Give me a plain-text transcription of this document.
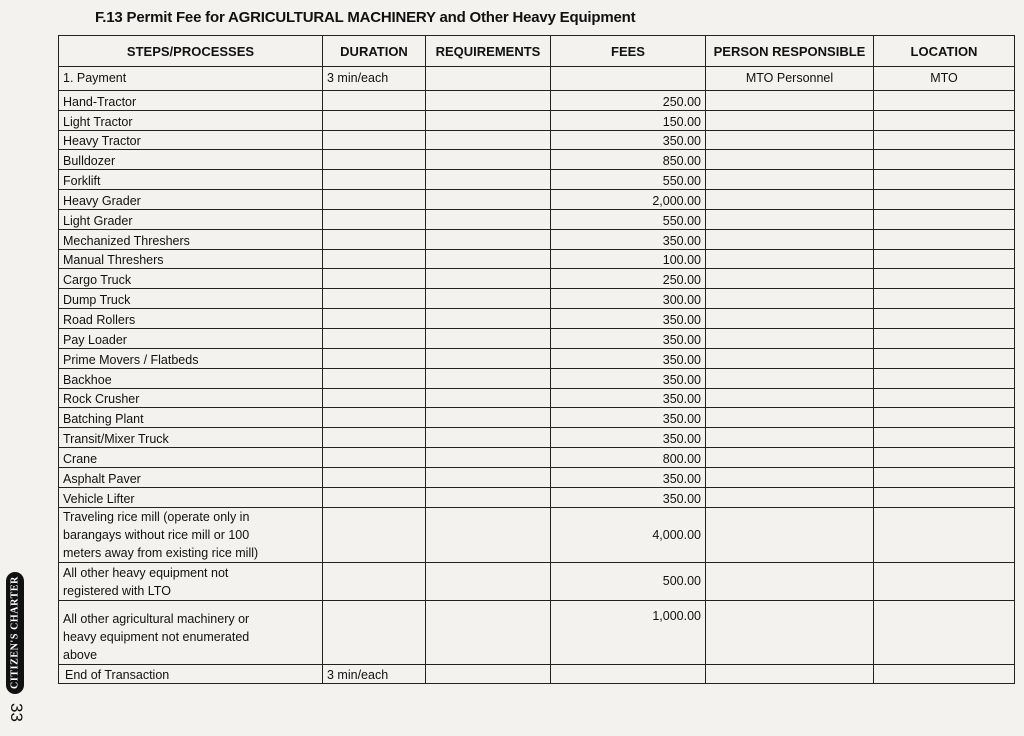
F.13 Permit Fee for AGRICULTURAL MACHINERY and Other Heavy Equipment
STEPS/PROCESSES	DURATION	REQUIREMENTS	FEES	PERSON RESPONSIBLE	LOCATION
1. Payment	3 min/each			MTO Personnel	MTO
Hand-Tractor			250.00		
Light Tractor			150.00		
Heavy Tractor			350.00		
Bulldozer			850.00		
Forklift			550.00		
Heavy Grader			2,000.00		
Light Grader			550.00		
Mechanized Threshers			350.00		
Manual Threshers			100.00		
Cargo Truck			250.00		
Dump Truck			300.00		
Road Rollers			350.00		
Pay Loader			350.00		
Prime Movers / Flatbeds			350.00		
Backhoe			350.00		
Rock Crusher			350.00		
Batching Plant			350.00		
Transit/Mixer Truck			350.00		
Crane			800.00		
Asphalt Paver			350.00		
Vehicle Lifter			350.00		

Traveling rice mill (operate only in
barangays without rice mill or 100
meters away from existing rice mill)			4,000.00		

All other heavy equipment not
registered with LTO			500.00		

All other agricultural machinery or
heavy equipment not enumerated
above			1,000.00		
End of Transaction	3 min/each				
CITIZEN'S CHARTER
33
